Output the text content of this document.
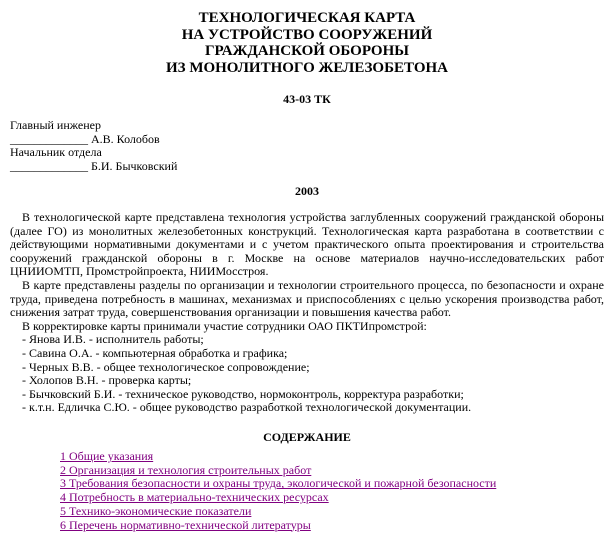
ТЕХНОЛОГИЧЕСКАЯ КАРТА
НА УСТРОЙСТВО СООРУЖЕНИЙ
ГРАЖДАНСКОЙ ОБОРОНЫ
ИЗ МОНОЛИТНОГО ЖЕЛЕЗОБЕТОНА
43-03 ТК
Главный инженер
_____________ А.В. Колобов
Начальник отдела
_____________ Б.И. Бычковский
2003

В технологической карте представлена технология устройства заглубленных сооружений гражданской обороны (далее ГО) из монолитных железобетонных конструкций. Технологическая карта разработана в соответствии с действующими нормативными документами и с учетом практического опыта проектирования и строительства сооружений гражданской обороны в г. Москве на основе материалов научно-исследовательских работ ЦНИИОМТП, Промстройпроекта, НИИМосстроя.

В карте представлены разделы по организации и технологии строительного процесса, по безопасности и охране труда, приведена потребность в машинах, механизмах и приспособлениях с целью ускорения производства работ, снижения затрат труда, совершенствования организации и повышения качества работ.

В корректировке карты принимали участие сотрудники ОАО ПКТИпромстрой:

- Янова И.В. - исполнитель работы;
- Савина О.А. - компьютерная обработка и графика;
- Черных В.В. - общее технологическое сопровождение;
- Холопов В.Н. - проверка карты;
- Бычковский Б.И. - техническое руководство, нормоконтроль, корректура разработки;
- к.т.н. Едличка С.Ю. - общее руководство разработкой технологической документации.
СОДЕРЖАНИЕ
1 Общие указания
2 Организация и технология строительных работ
3 Требования безопасности и охраны труда, экологической и пожарной безопасности
4 Потребность в материально-технических ресурсах
5 Технико-экономические показатели
6 Перечень нормативно-технической литературы
